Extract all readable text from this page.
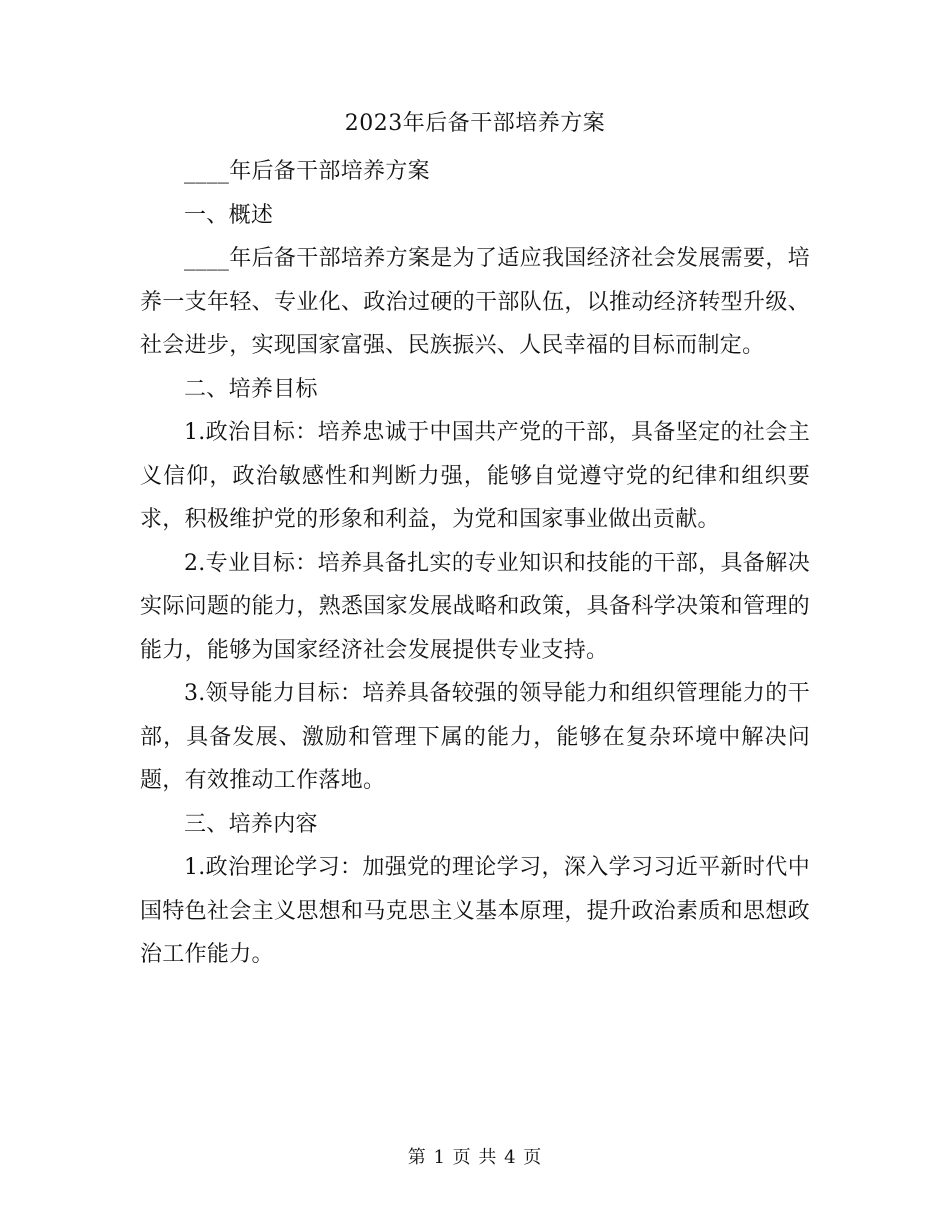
2023年后备干部培养方案

____年后备干部培养方案

一、概述

____年后备干部培养方案是为了适应我国经济社会发展需要，培养一支年轻、专业化、政治过硬的干部队伍，以推动经济转型升级、社会进步，实现国家富强、民族振兴、人民幸福的目标而制定。

二、培养目标

1.政治目标：培养忠诚于中国共产党的干部，具备坚定的社会主义信仰，政治敏感性和判断力强，能够自觉遵守党的纪律和组织要求，积极维护党的形象和利益，为党和国家事业做出贡献。

2.专业目标：培养具备扎实的专业知识和技能的干部，具备解决实际问题的能力，熟悉国家发展战略和政策，具备科学决策和管理的能力，能够为国家经济社会发展提供专业支持。

3.领导能力目标：培养具备较强的领导能力和组织管理能力的干部，具备发展、激励和管理下属的能力，能够在复杂环境中解决问题，有效推动工作落地。

三、培养内容

1.政治理论学习：加强党的理论学习，深入学习习近平新时代中国特色社会主义思想和马克思主义基本原理，提升政治素质和思想政治工作能力。

第 1 页 共 4 页
